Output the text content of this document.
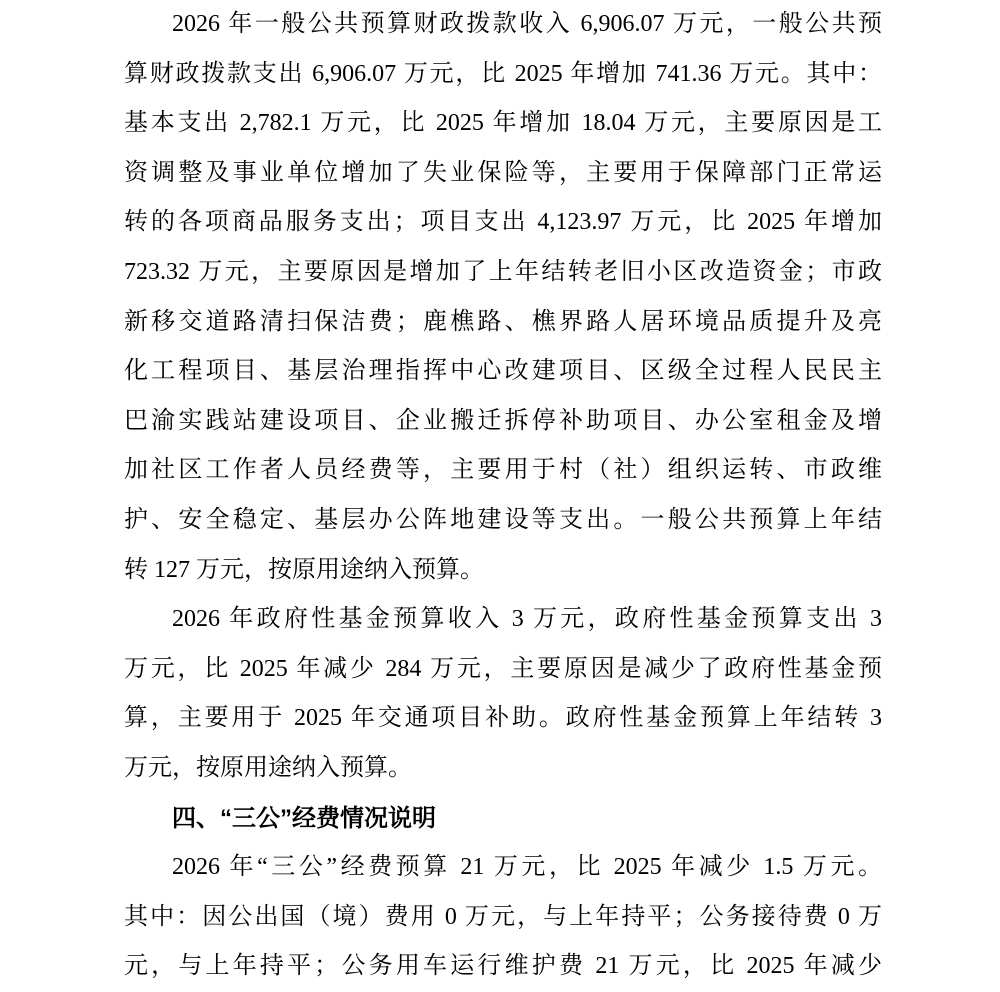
2026 年一般公共预算财政拨款收入 6,906.07 万元，一般公共预
算财政拨款支出 6,906.07 万元，比 2025 年增加 741.36 万元。其中：
基本支出 2,782.1 万元，比 2025 年增加 18.04 万元，主要原因是工
资调整及事业单位增加了失业保险等，主要用于保障部门正常运
转的各项商品服务支出；项目支出 4,123.97 万元，比 2025 年增加
723.32 万元，主要原因是增加了上年结转老旧小区改造资金；市政
新移交道路清扫保洁费；鹿樵路、樵界路人居环境品质提升及亮
化工程项目、基层治理指挥中心改建项目、区级全过程人民民主
巴渝实践站建设项目、企业搬迁拆停补助项目、办公室租金及增
加社区工作者人员经费等，主要用于村（社）组织运转、市政维
护、安全稳定、基层办公阵地建设等支出。一般公共预算上年结
转 127 万元，按原用途纳入预算。
2026 年政府性基金预算收入 3 万元，政府性基金预算支出 3
万元，比 2025 年减少 284 万元，主要原因是减少了政府性基金预
算，主要用于 2025 年交通项目补助。政府性基金预算上年结转 3
万元，按原用途纳入预算。
四、“三公”经费情况说明
2026 年“三公”经费预算 21 万元，比 2025 年减少 1.5 万元。
其中：因公出国（境）费用 0 万元，与上年持平；公务接待费 0 万
元，与上年持平；公务用车运行维护费 21 万元，比 2025 年减少
